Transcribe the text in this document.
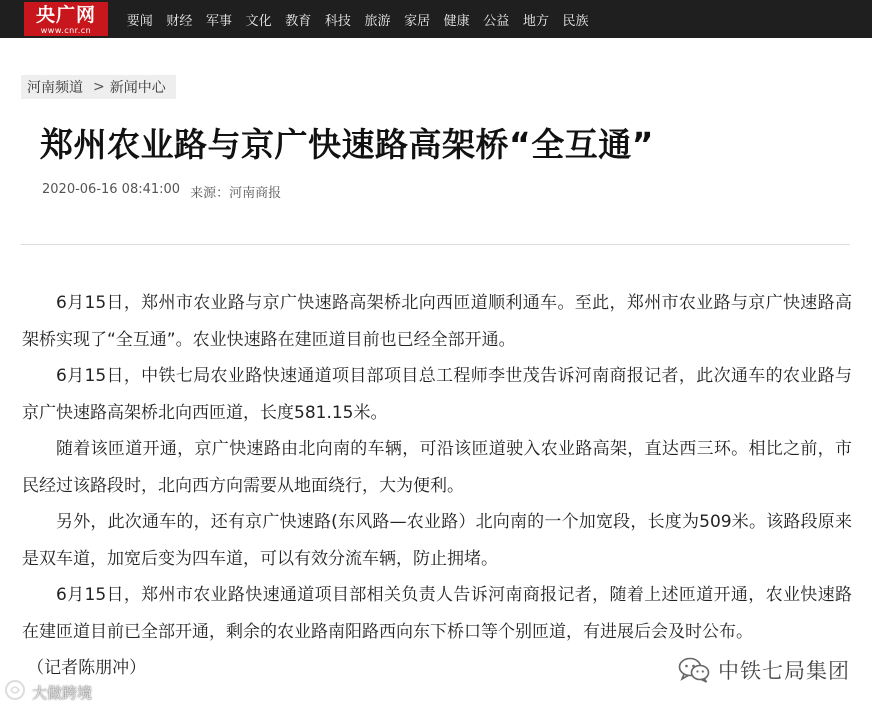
央广网
www.cnr.cn
要闻	财经	军事	文化	教育	科技	旅游	家居	健康	公益	地方	民族
河南频道 > 新闻中心
郑州农业路与京广快速路高架桥“全互通”
2020-06-16 08:41:00 来源：河南商报

6月15日，郑州市农业路与京广快速路高架桥北向西匝道顺利通车。至此，郑州市农业路与京广快速路高架桥实现了“全互通”。农业快速路在建匝道目前也已经全部开通。

6月15日，中铁七局农业路快速通道项目部项目总工程师李世茂告诉河南商报记者，此次通车的农业路与京广快速路高架桥北向西匝道，长度581.15米。

随着该匝道开通，京广快速路由北向南的车辆，可沿该匝道驶入农业路高架，直达西三环。相比之前，市民经过该路段时，北向西方向需要从地面绕行，大为便利。

另外，此次通车的，还有京广快速路(东风路—农业路）北向南的一个加宽段，长度为509米。该路段原来是双车道，加宽后变为四车道，可以有效分流车辆，防止拥堵。

6月15日，郑州市农业路快速通道项目部相关负责人告诉河南商报记者，随着上述匝道开通，农业快速路在建匝道目前已全部开通，剩余的农业路南阳路西向东下桥口等个别匝道，有进展后会及时公布。

（记者陈朋冲）	中铁七局集团
大做跨境
